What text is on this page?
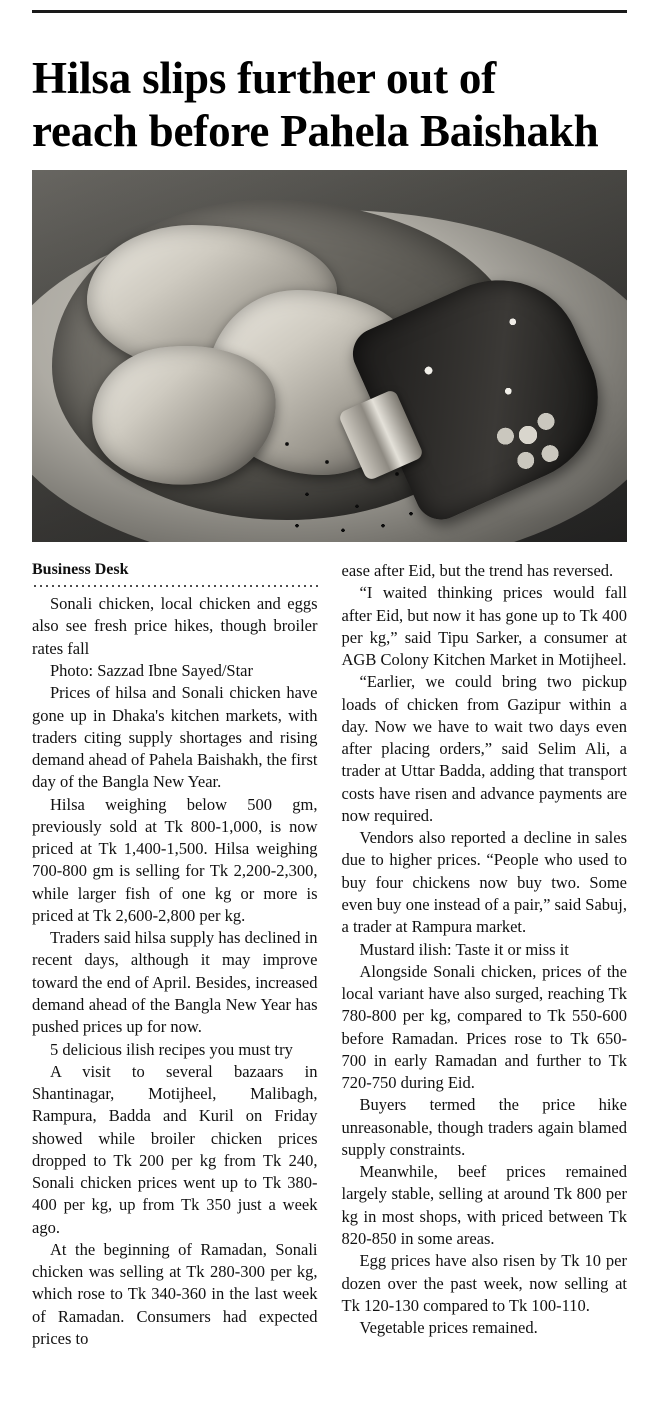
Hilsa slips further out of
reach before Pahela Baishakh
Business Desk

Sonali chicken, local chicken and eggs also see fresh price hikes, though broiler rates fall

Photo: Sazzad Ibne Sayed/Star

Prices of hilsa and Sonali chicken have gone up in Dhaka's kitchen markets, with traders citing supply shortages and rising demand ahead of Pahela Baishakh, the first day of the Bangla New Year.

Hilsa weighing below 500 gm, previously sold at Tk 800-1,000, is now priced at Tk 1,400-1,500. Hilsa weighing 700-800 gm is selling for Tk 2,200-2,300, while larger fish of one kg or more is priced at Tk 2,600-2,800 per kg.

Traders said hilsa supply has declined in recent days, although it may improve toward the end of April. Besides, increased demand ahead of the Bangla New Year has pushed prices up for now.

5 delicious ilish recipes you must try

A visit to several bazaars in Shantinagar, Motijheel, Malibagh, Rampura, Badda and Kuril on Friday showed while broiler chicken prices dropped to Tk 200 per kg from Tk 240, Sonali chicken prices went up to Tk 380-400 per kg, up from Tk 350 just a week ago.

At the beginning of Ramadan, Sonali chicken was selling at Tk 280-300 per kg, which rose to Tk 340-360 in the last week of Ramadan. Consumers had expected prices to

ease after Eid, but the trend has reversed.

“I waited thinking prices would fall after Eid, but now it has gone up to Tk 400 per kg,” said Tipu Sarker, a consumer at AGB Colony Kitchen Market in Motijheel.

“Earlier, we could bring two pickup loads of chicken from Gazipur within a day. Now we have to wait two days even after placing orders,” said Selim Ali, a trader at Uttar Badda, adding that transport costs have risen and advance payments are now required.

Vendors also reported a decline in sales due to higher prices. “People who used to buy four chickens now buy two. Some even buy one instead of a pair,” said Sabuj, a trader at Rampura market.

Mustard ilish: Taste it or miss it

Alongside Sonali chicken, prices of the local variant have also surged, reaching Tk 780-800 per kg, compared to Tk 550-600 before Ramadan. Prices rose to Tk 650-700 in early Ramadan and further to Tk 720-750 during Eid.

Buyers termed the price hike unreasonable, though traders again blamed supply constraints.

Meanwhile, beef prices remained largely stable, selling at around Tk 800 per kg in most shops, with priced between Tk 820-850 in some areas.

Egg prices have also risen by Tk 10 per dozen over the past week, now selling at Tk 120-130 compared to Tk 100-110.

Vegetable prices remained.
